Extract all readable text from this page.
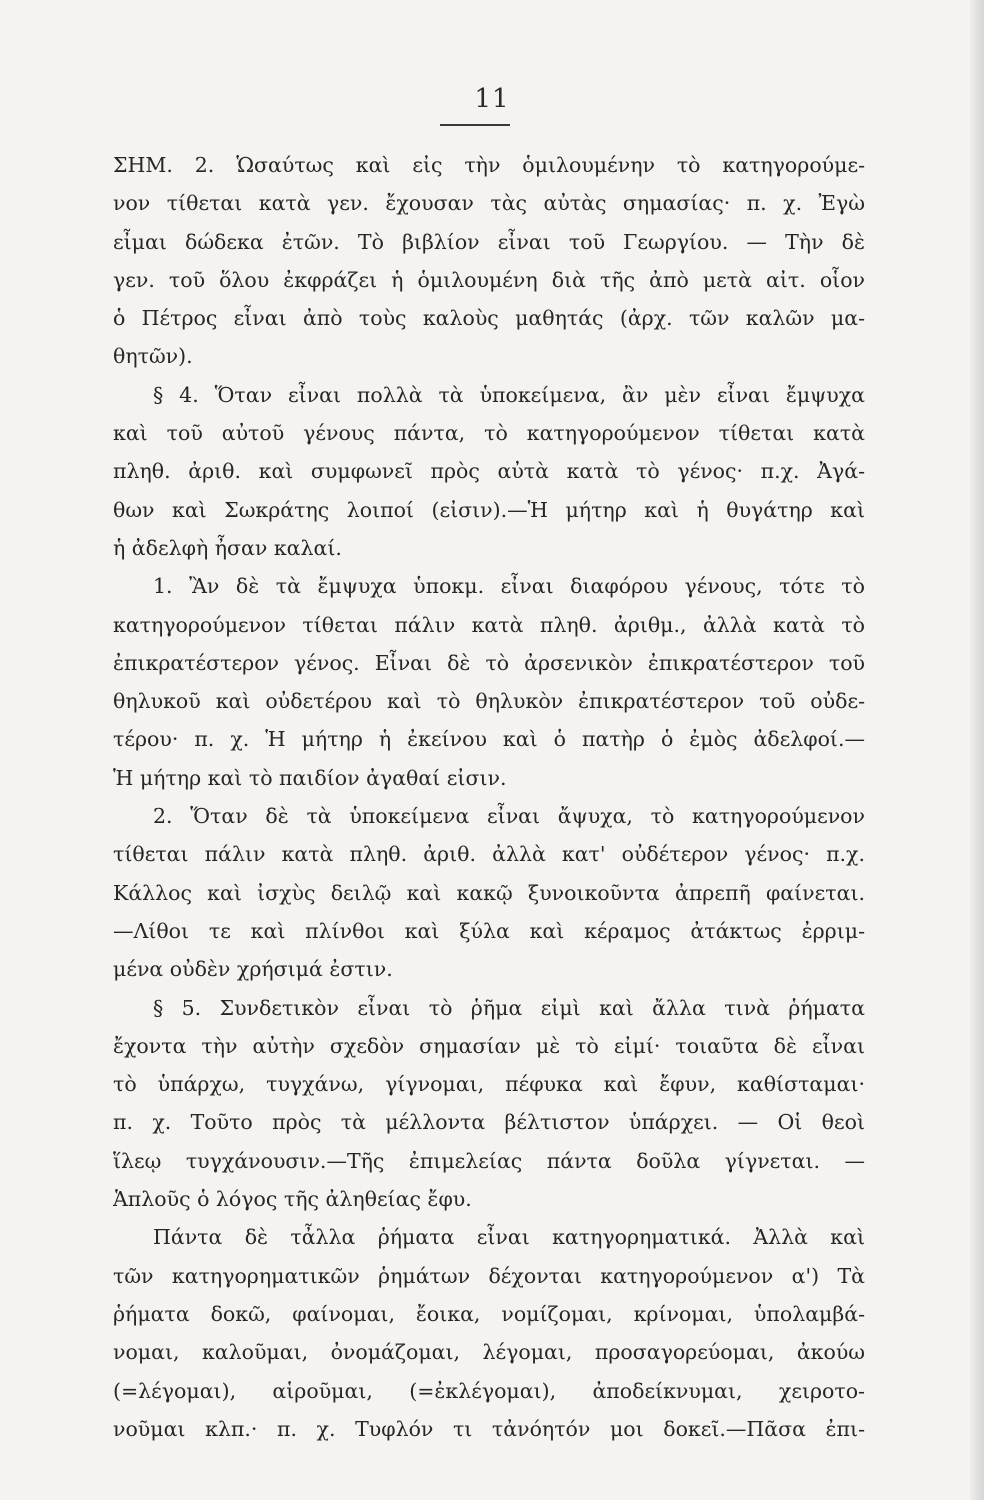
11
ΣΗΜ. 2. Ὡσαύτως καὶ εἰς τὴν ὁμιλουμένην τὸ κατηγορούμε-
νον τίθεται κατὰ γεν. ἔχουσαν τὰς αὐτὰς σημασίας· π. χ. Ἐγὼ
εἶμαι δώδεκα ἐτῶν. Τὸ βιβλίον εἶναι τοῦ Γεωργίου. — Τὴν δὲ
γεν. τοῦ ὅλου ἐκφράζει ἡ ὁμιλουμένη διὰ τῆς ἀπὸ μετὰ αἰτ. οἷον
ὁ Πέτρος εἶναι ἀπὸ τοὺς καλοὺς μαθητάς (ἀρχ. τῶν καλῶν μα-
θητῶν).
§ 4. Ὅταν εἶναι πολλὰ τὰ ὑποκείμενα, ἂν μὲν εἶναι ἔμψυχα
καὶ τοῦ αὐτοῦ γένους πάντα, τὸ κατηγορούμενον τίθεται κατὰ
πληθ. ἀριθ. καὶ συμφωνεῖ πρὸς αὐτὰ κατὰ τὸ γένος· π.χ. Ἀγά-
θων καὶ Σωκράτης λοιποί (εἰσιν).—Ἡ μήτηρ καὶ ἡ θυγάτηρ καὶ
ἡ ἀδελφὴ ἦσαν καλαί.
1. Ἂν δὲ τὰ ἔμψυχα ὑποκμ. εἶναι διαφόρου γένους, τότε τὸ
κατηγορούμενον τίθεται πάλιν κατὰ πληθ. ἀριθμ., ἀλλὰ κατὰ τὸ
ἐπικρατέστερον γένος. Εἶναι δὲ τὸ ἀρσενικὸν ἐπικρατέστερον τοῦ
θηλυκοῦ καὶ οὐδετέρου καὶ τὸ θηλυκὸν ἐπικρατέστερον τοῦ οὐδε-
τέρου· π. χ. Ἡ μήτηρ ἡ ἐκείνου καὶ ὁ πατὴρ ὁ ἐμὸς ἀδελφοί.—
Ἡ μήτηρ καὶ τὸ παιδίον ἀγαθαί εἰσιν.
2. Ὅταν δὲ τὰ ὑποκείμενα εἶναι ἄψυχα, τὸ κατηγορούμενον
τίθεται πάλιν κατὰ πληθ. ἀριθ. ἀλλὰ κατ' οὐδέτερον γένος· π.χ.
Κάλλος καὶ ἰσχὺς δειλῷ καὶ κακῷ ξυνοικοῦντα ἀπρεπῆ φαίνεται.
—Λίθοι τε καὶ πλίνθοι καὶ ξύλα καὶ κέραμος ἀτάκτως ἐρριμ-
μένα οὐδὲν χρήσιμά ἐστιν.
§ 5. Συνδετικὸν εἶναι τὸ ῥῆμα εἰμὶ καὶ ἄλλα τινὰ ῥήματα
ἔχοντα τὴν αὐτὴν σχεδὸν σημασίαν μὲ τὸ εἰμί· τοιαῦτα δὲ εἶναι
τὸ ὑπάρχω, τυγχάνω, γίγνομαι, πέφυκα καὶ ἔφυν, καθίσταμαι·
π. χ. Τοῦτο πρὸς τὰ μέλλοντα βέλτιστον ὑπάρχει. — Οἱ θεοὶ
ἵλεῳ τυγχάνουσιν.—Τῆς ἐπιμελείας πάντα δοῦλα γίγνεται. —
Ἁπλοῦς ὁ λόγος τῆς ἀληθείας ἔφυ.
Πάντα δὲ τἆλλα ῥήματα εἶναι κατηγορηματικά. Ἀλλὰ καὶ
τῶν κατηγορηματικῶν ῥημάτων δέχονται κατηγορούμενον α') Τὰ
ῥήματα δοκῶ, φαίνομαι, ἔοικα, νομίζομαι, κρίνομαι, ὑπολαμβά-
νομαι, καλοῦμαι, ὀνομάζομαι, λέγομαι, προσαγορεύομαι, ἀκούω
(=λέγομαι), αἱροῦμαι, (=ἐκλέγομαι), ἀποδείκνυμαι, χειροτο-
νοῦμαι κλπ.· π. χ. Τυφλόν τι τἀνόητόν μοι δοκεῖ.—Πᾶσα ἐπι-
